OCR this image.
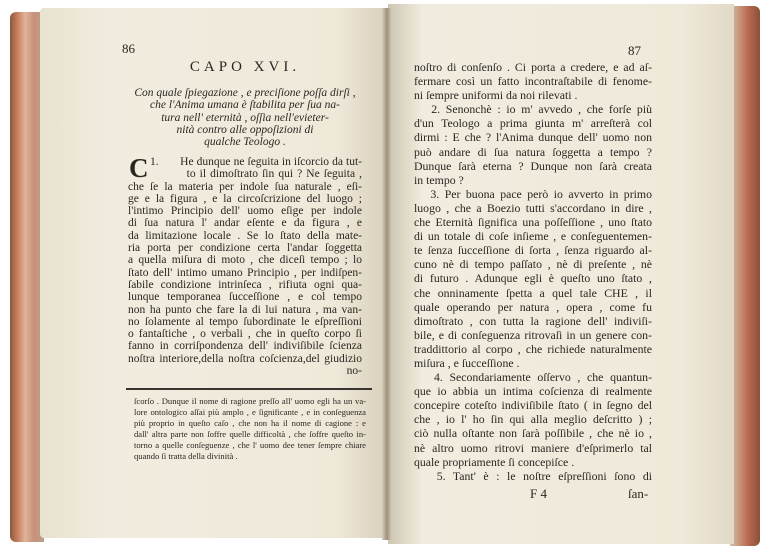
86
CAPO XVI.
Con quale ſpiegazione , e preciſione poſſa dirſi ,
che l'Anima umana è ſtabilita per ſua na-
tura nell' eternità , oſſia nell'evieter-
nità contro alle oppoſizioni di
qualche Teologo .
C 1.       He dunque ne ſeguita in iſcorcio da tut-
to il dimoſtrato ſin qui ? Ne ſeguita ,
che ſe la materia per indole ſua naturale , eſi-
ge e la figura , e la circoſcrizione del luogo ;
l'intimo Principio dell' uomo eſige per indole
di ſua natura l' andar eſente e da figura , e
da limitazione locale . Se lo ſtato della mate-
ria porta per condizione certa l'andar ſoggetta
a quella miſura di moto , che diceſi tempo ; lo
ſtato dell' intimo umano Principio , per indiſpen-
ſabile condizione intrinſeca , rifiuta ogni qua-
lunque temporanea ſucceſſione , e col tempo
non ha punto che fare la di lui natura , ma van-
no ſolamente al tempo ſubordinate le eſpreſſioni
o fantaſtiche , o verbali , che in queſto corpo ſi
fanno in corriſpondenza dell' indiviſibile ſcienza
noſtra interiore,della noſtra coſcienza,del giudizio
no-
ſcorſo . Dunque il nome di ragione preſſo all' uomo egli ha un va-
lore ontologico aſſai più amplo , e ſignificante , e in conſeguenza
più proprio in queſto caſo , che non ha il nome di cagione : e
dall' altra parte non ſoffre quelle difficoltà , che ſoffre queſto in-
torno a quelle conſeguenze , che l' uomo dee tener ſempre chiare
quando ſi tratta della divinità .
87
noſtro di conſenſo . Ci porta a credere, e ad aſ-
fermare così un fatto incontraſtabile di fenome-
ni ſempre uniformi da noi rilevati .
2. Senonchè : io m' avvedo , che forſe più
d'un Teologo a prima giunta m' arreſterà col
dirmi : E che ? l'Anima dunque dell' uomo non
può andare di ſua natura ſoggetta a tempo ?
Dunque ſarà eterna ? Dunque non ſarà creata
in tempo ?
3. Per buona pace però io avverto in primo
luogo , che a Boezio tutti s'accordano in dire ,
che Eternità ſignifica una poſſeſſione , uno ſtato
di un totale di coſe inſieme , e conſeguentemen-
te ſenza ſucceſſione di ſorta , ſenza riguardo al-
cuno nè di tempo paſſato , nè di preſente , nè
di futuro . Adunque egli è queſto uno ſtato ,
che onninamente ſpetta a quel tale CHE , il
quale operando per natura , opera , come fu
dimoſtrato , con tutta la ragione dell' indiviſi-
bile, e di conſeguenza ritrovaſi in un genere con-
traddittorio al corpo , che richiede naturalmente
miſura , e ſucceſſione .
4. Secondariamente oſſervo , che quantun-
que io abbia un intima coſcienza di realmente
concepire coteſto indiviſibile ſtato ( in ſegno del
che , io l' ho ſin qui alla meglio deſcritto ) ;
ciò nulla oſtante non ſarà poſſibile , che nè io ,
nè altro uomo ritrovi maniere d'eſprimerlo tal
quale propriamente ſi concepiſce .
5. Tant' è : le noſtre eſpreſſioni ſono di
F 4	ſan-
